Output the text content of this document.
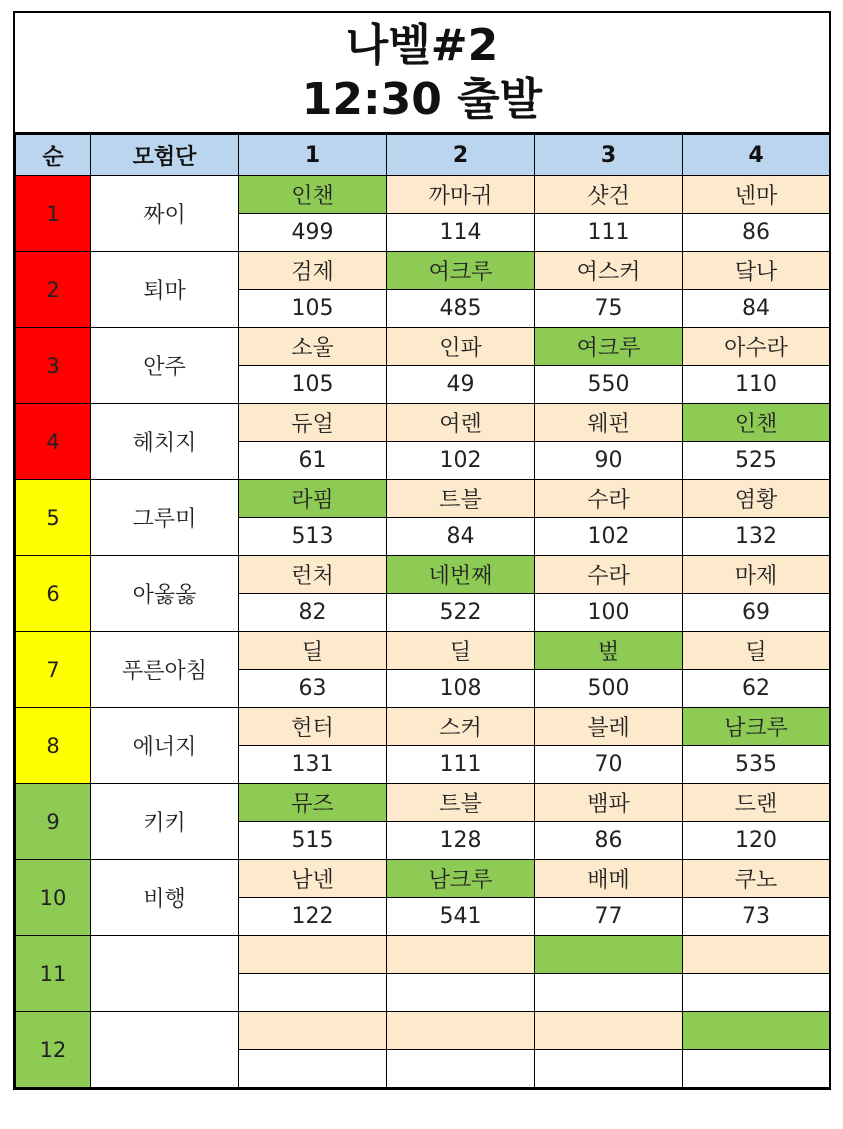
나벨#2
12:30 출발
순	모험단	1	2	3	4
1	짜이	인챈	까마귀	샷건	넨마
		499	114	111	86
2	퇴마	검제	여크루	여스커	닼나
		105	485	75	84
3	안주	소울	인파	여크루	아수라
		105	49	550	110
4	헤치지	듀얼	여렌	웨펀	인챈
		61	102	90	525
5	그루미	라핌	트블	수라	염황
		513	84	102	132
6	아옳옳	런처	네번째	수라	마제
		82	522	100	69
7	푸른아침	딜	딜	벞	딜
		63	108	500	62
8	에너지	헌터	스커	블레	남크루
		131	111	70	535
9	키키	뮤즈	트블	뱀파	드랜
		515	128	86	120
10	비행	남넨	남크루	배메	쿠노
		122	541	77	73
11					

12					
